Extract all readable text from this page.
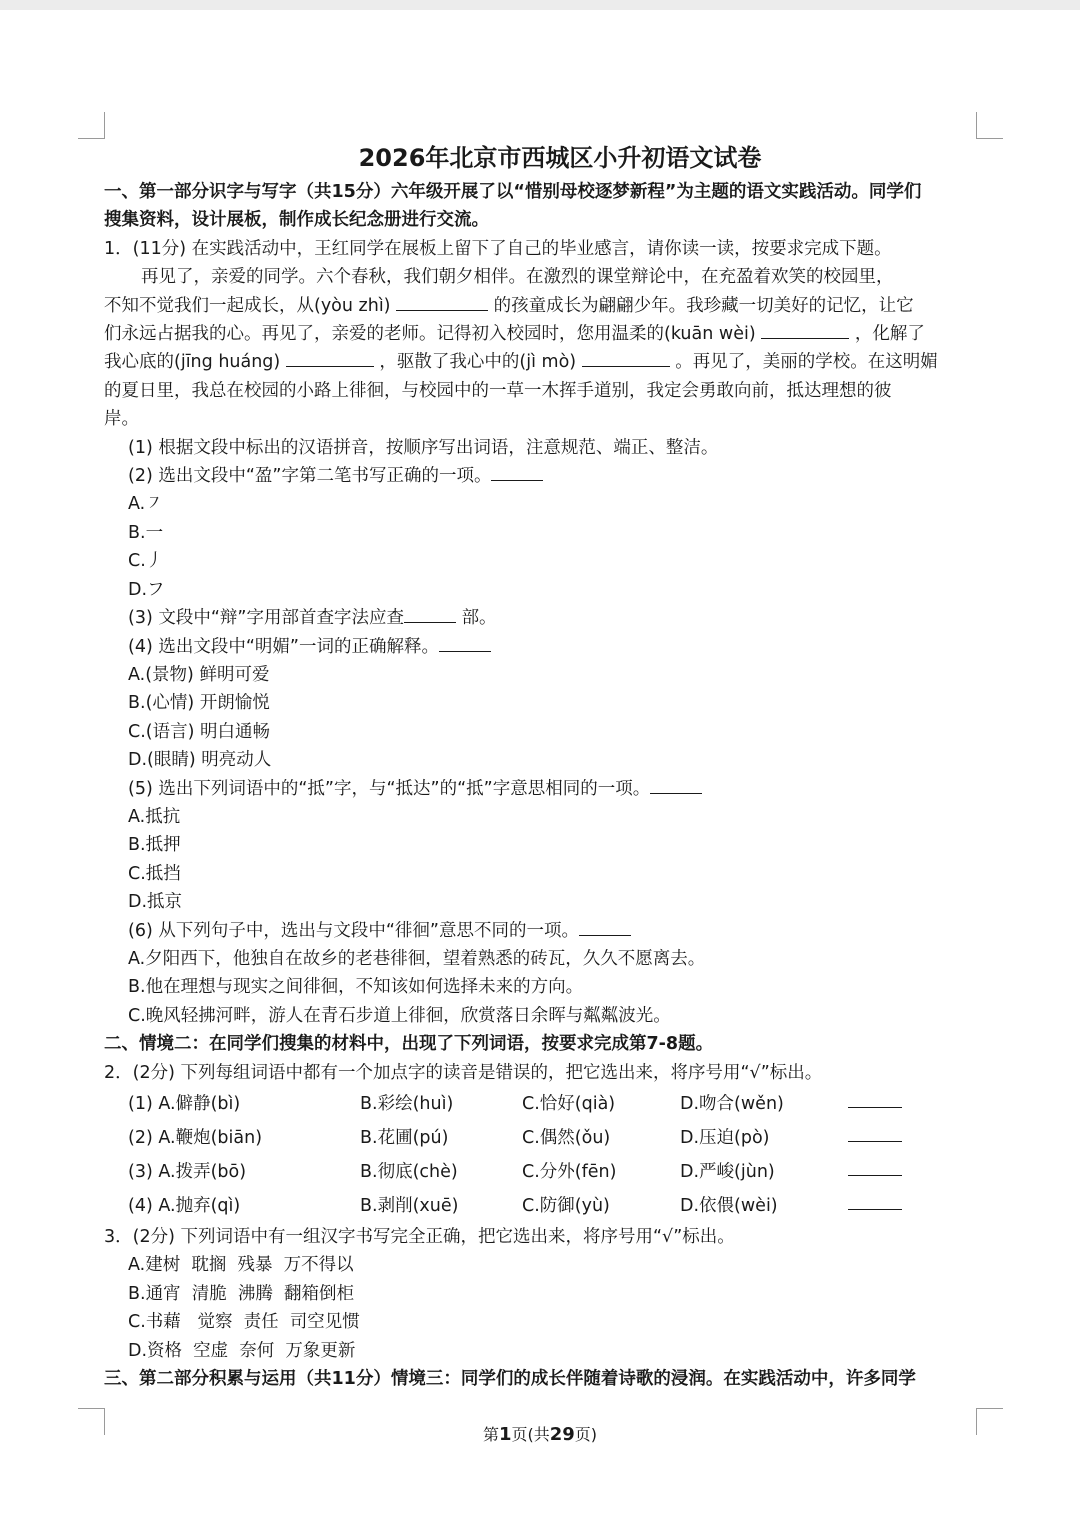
2026年北京市西城区小升初语文试卷
一、第一部分识字与写字（共15分）六年级开展了以“惜别母校逐梦新程”为主题的语文实践活动。同学们
搜集资料，设计展板，制作成长纪念册进行交流。
1．(11分) 在实践活动中，王红同学在展板上留下了自己的毕业感言，请你读一读，按要求完成下题。
再见了，亲爱的同学。六个春秋，我们朝夕相伴。在激烈的课堂辩论中，在充盈着欢笑的校园里，
不知不觉我们一起成长，从(yòu zhì)	的孩童成长为翩翩少年。我珍藏一切美好的记忆，让它
们永远占据我的心。再见了，亲爱的老师。记得初入校园时，您用温柔的(kuān wèi)	，化解了
我心底的(jīng huáng)	，驱散了我心中的(jì mò)	。再见了，美丽的学校。在这明媚
的夏日里，我总在校园的小路上徘徊，与校园中的一草一木挥手道别，我定会勇敢向前，抵达理想的彼
岸。
(1) 根据文段中标出的汉语拼音，按顺序写出词语，注意规范、端正、整洁。
(2) 选出文段中“盈”字第二笔书写正确的一项。
A.㇇
B.一
C.丿
D.フ
(3) 文段中“辩”字用部首查字法应查	部。
(4) 选出文段中“明媚”一词的正确解释。
A.(景物) 鲜明可爱
B.(心情) 开朗愉悦
C.(语言) 明白通畅
D.(眼睛) 明亮动人
(5) 选出下列词语中的“抵”字，与“抵达”的“抵”字意思相同的一项。
A.抵抗
B.抵押
C.抵挡
D.抵京
(6) 从下列句子中，选出与文段中“徘徊”意思不同的一项。
A.夕阳西下，他独自在故乡的老巷徘徊，望着熟悉的砖瓦，久久不愿离去。
B.他在理想与现实之间徘徊，不知该如何选择未来的方向。
C.晚风轻拂河畔，游人在青石步道上徘徊，欣赏落日余晖与粼粼波光。
二、情境二：在同学们搜集的材料中，出现了下列词语，按要求完成第7-8题。
2．(2分) 下列每组词语中都有一个加点字的读音是错误的，把它选出来，将序号用“√”标出。
(1) A.僻静(bì)	B.彩绘(huì)	C.恰好(qià)	D.吻合(wěn)
(2) A.鞭炮(biān)	B.花圃(pú)	C.偶然(ǒu)	D.压迫(pò)
(3) A.拨弄(bō)	B.彻底(chè)	C.分外(fēn)	D.严峻(jùn)
(4) A.抛弃(qì)	B.剥削(xuē)	C.防御(yù)	D.依偎(wèi)
3．(2分) 下列词语中有一组汉字书写完全正确，把它选出来，将序号用“√”标出。
A.建树  耽搁  残暴  万不得以
B.通宵  清脆  沸腾  翻箱倒柜
C.书藉   觉察  责任  司空见惯
D.资格  空虚  奈何  万象更新
三、第二部分积累与运用（共11分）情境三：同学们的成长伴随着诗歌的浸润。在实践活动中，许多同学
第1页(共29页)
